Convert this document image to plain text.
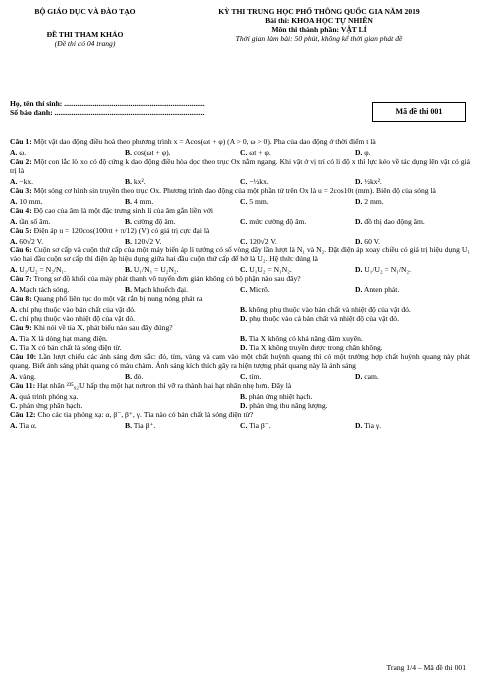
BỘ GIÁO DỤC VÀ ĐÀO TẠO
ĐỀ THI THAM KHẢO
(Đề thi có 04 trang)
KỲ THI TRUNG HỌC PHỔ THÔNG QUỐC GIA NĂM 2019
Bài thi: KHOA HỌC TỰ NHIÊN
Môn thi thành phần: VẬT LÍ
Thời gian làm bài: 50 phút, không kể thời gian phát đề
Họ, tên thí sinh: ..........................................................................
Số báo danh: ...............................................................................	Mã đề thi 001
Câu 1: Một vật dao động điều hoà theo phương trình x = Acos(ωt + φ) (A > 0, ω > 0). Pha của dao động ở thời điểm t là
A. ω.	B. cos(ωt + φ).	C. ωt + φ.	D. φ.
Câu 2: Một con lắc lò xo có độ cứng k dao động điều hòa dọc theo trục Ox nằm ngang. Khi vật ở vị trí có li độ x thì lực kéo về tác dụng lên vật có giá trị là
A. −kx.	B. kx².	C. −½kx.	D. ½kx².
Câu 3: Một sóng cơ hình sin truyền theo trục Ox. Phương trình dao động của một phần tử trên Ox là u = 2cos10t (mm). Biên độ của sóng là
A. 10 mm.	B. 4 mm.	C. 5 mm.	D. 2 mm.
Câu 4: Độ cao của âm là một đặc trưng sinh lí của âm gắn liền với
A. tần số âm.	B. cường độ âm.	C. mức cường độ âm.	D. đồ thị dao động âm.
Câu 5: Điện áp u = 120cos(100πt + π/12) (V) có giá trị cực đại là
A. 60√2 V.	B. 120√2 V.	C. 120√2 V.	D. 60 V.
Câu 6: Cuộn sơ cấp và cuộn thứ cấp của một máy biến áp lí tưởng có số vòng dây lần lượt là N₁ và N₂. Đặt điện áp xoay chiều có giá trị hiệu dụng U₁ vào hai đầu cuộn sơ cấp thì điện áp hiệu dụng giữa hai đầu cuộn thứ cấp để hở là U₂. Hệ thức đúng là
A. U₁/U₂ = N₂/N₁.	B. U₁/N₁ = U₂N₂.	C. U₁U₂ = N₁N₂.	D. U₁/U₂ = N₁/N₂.
Câu 7: Trong sơ đồ khối của máy phát thanh vô tuyến đơn giản không có bộ phận nào sau đây?
A. Mạch tách sóng.	B. Mạch khuếch đại.	C. Micrô.	D. Anten phát.
Câu 8: Quang phổ liên tục do một vật rắn bị nung nóng phát ra
A. chỉ phụ thuộc vào bản chất của vật đó.	B. không phụ thuộc vào bản chất và nhiệt độ của vật đó.
C. chỉ phụ thuộc vào nhiệt độ của vật đó.	D. phụ thuộc vào cả bản chất và nhiệt độ của vật đó.
Câu 9: Khi nói về tia X, phát biểu nào sau đây đúng?
A. Tia X là dòng hạt mang điện.	B. Tia X không có khả năng đâm xuyên.
C. Tia X có bản chất là sóng điện từ.	D. Tia X không truyền được trong chân không.
Câu 10: Lần lượt chiếu các ánh sáng đơn sắc: đỏ, tím, vàng và cam vào một chất huỳnh quang thì có một trường hợp chất huỳnh quang này phát quang. Biết ánh sáng phát quang có màu chàm. Ánh sáng kích thích gây ra hiện tượng phát quang này là ánh sáng
A. vàng.	B. đỏ.	C. tím.	D. cam.
Câu 11: Hạt nhân ²³⁵₉₂U hấp thụ một hạt nơtron thì vỡ ra thành hai hạt nhân nhẹ hơn. Đây là
A. quá trình phóng xạ.	B. phản ứng nhiệt hạch.
C. phản ứng phân hạch.	D. phản ứng thu năng lượng.
Câu 12: Cho các tia phóng xạ: α, β⁻, β⁺, γ. Tia nào có bản chất là sóng điện từ?
A. Tia α.	B. Tia β⁺.	C. Tia β⁻.	D. Tia γ.
Trang 1/4 – Mã đề thi 001
